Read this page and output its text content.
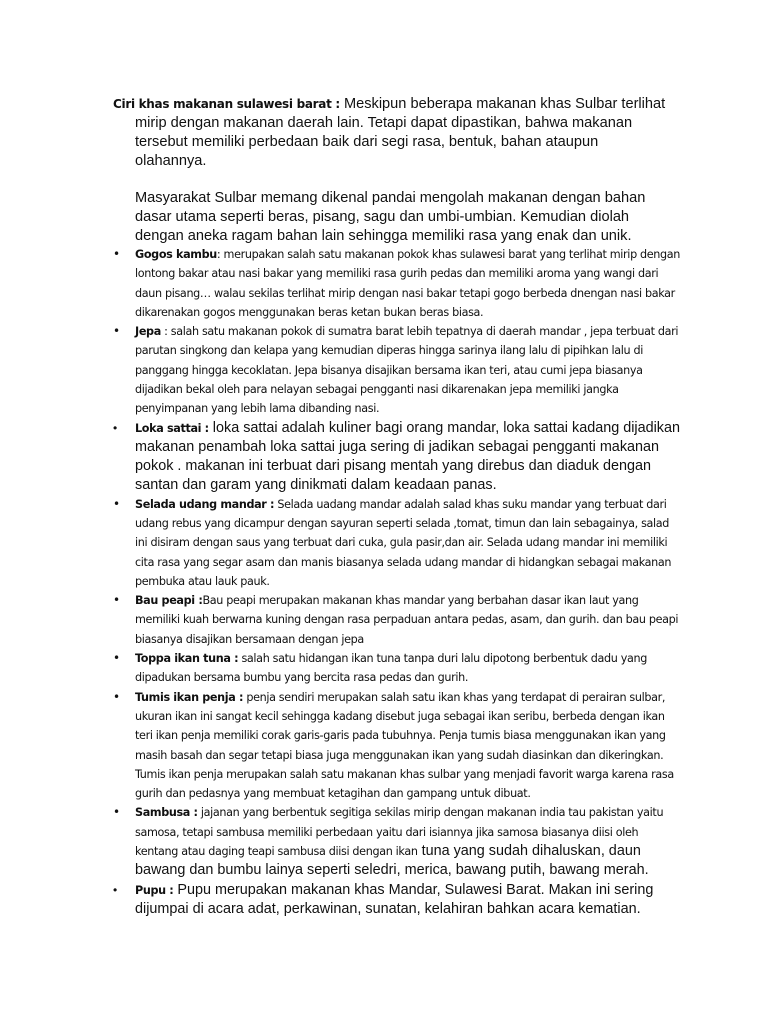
Ciri khas makanan sulawesi barat : Meskipun beberapa makanan khas Sulbar terlihat mirip dengan makanan daerah lain. Tetapi dapat dipastikan, bahwa makanan tersebut memiliki perbedaan baik dari segi rasa, bentuk, bahan ataupun olahannya.
Masyarakat Sulbar memang dikenal pandai mengolah makanan dengan bahan dasar utama seperti beras, pisang, sagu dan umbi-umbian. Kemudian diolah dengan aneka ragam bahan lain sehingga memiliki rasa yang enak dan unik.
• Gogos kambu: merupakan salah satu makanan pokok khas sulawesi barat yang terlihat mirip dengan lontong bakar atau nasi bakar yang memiliki rasa gurih pedas dan memiliki aroma yang wangi dari daun pisang… walau sekilas terlihat mirip dengan nasi bakar tetapi gogo berbeda dnengan nasi bakar dikarenakan gogos menggunakan beras ketan bukan beras biasa.
• Jepa : salah satu makanan pokok di sumatra barat lebih tepatnya di daerah mandar , jepa terbuat dari parutan singkong dan kelapa yang kemudian diperas hingga sarinya ilang lalu di pipihkan lalu di panggang hingga kecoklatan. Jepa bisanya disajikan bersama ikan teri, atau cumi jepa biasanya dijadikan bekal oleh para nelayan sebagai pengganti nasi dikarenakan jepa memiliki jangka penyimpanan yang lebih lama dibanding nasi.
• Loka sattai : loka sattai adalah kuliner bagi orang mandar, loka sattai kadang dijadikan makanan penambah loka sattai juga sering di jadikan sebagai pengganti makanan pokok . makanan ini terbuat dari pisang mentah yang direbus dan diaduk dengan santan dan garam yang dinikmati dalam keadaan panas.
• Selada udang mandar : Selada uadang mandar adalah salad khas suku mandar yang terbuat dari udang rebus yang dicampur dengan sayuran seperti selada ,tomat, timun dan lain sebagainya, salad ini disiram dengan saus yang terbuat dari cuka, gula pasir,dan air. Selada udang mandar ini memiliki cita rasa yang segar asam dan manis biasanya selada udang mandar di hidangkan sebagai makanan pembuka atau lauk pauk.
• Bau peapi :Bau peapi merupakan makanan khas mandar yang berbahan dasar ikan laut yang memiliki kuah berwarna kuning dengan rasa perpaduan antara pedas, asam, dan gurih. dan bau peapi biasanya disajikan bersamaan dengan jepa
• Toppa ikan tuna : salah satu hidangan ikan tuna tanpa duri lalu dipotong berbentuk dadu yang dipadukan bersama bumbu yang bercita rasa pedas dan gurih.
• Tumis ikan penja : penja sendiri merupakan salah satu ikan khas yang terdapat di perairan sulbar, ukuran ikan ini sangat kecil sehingga kadang disebut juga sebagai ikan seribu, berbeda dengan ikan teri ikan penja memiliki corak garis-garis pada tubuhnya. Penja tumis biasa menggunakan ikan yang masih basah dan segar tetapi biasa juga menggunakan ikan yang sudah diasinkan dan dikeringkan. Tumis ikan penja merupakan salah satu makanan khas sulbar yang menjadi favorit warga karena rasa gurih dan pedasnya yang membuat ketagihan dan gampang untuk dibuat.
• Sambusa : jajanan yang berbentuk segitiga sekilas mirip dengan makanan india tau pakistan yaitu samosa, tetapi sambusa memiliki perbedaan yaitu dari isiannya jika samosa biasanya diisi oleh kentang atau daging teapi sambusa diisi dengan ikan tuna yang sudah dihaluskan, daun bawang dan bumbu lainya seperti seledri, merica, bawang putih, bawang merah.
• Pupu : Pupu merupakan makanan khas Mandar, Sulawesi Barat. Makan ini sering dijumpai di acara adat, perkawinan, sunatan, kelahiran bahkan acara kematian.
